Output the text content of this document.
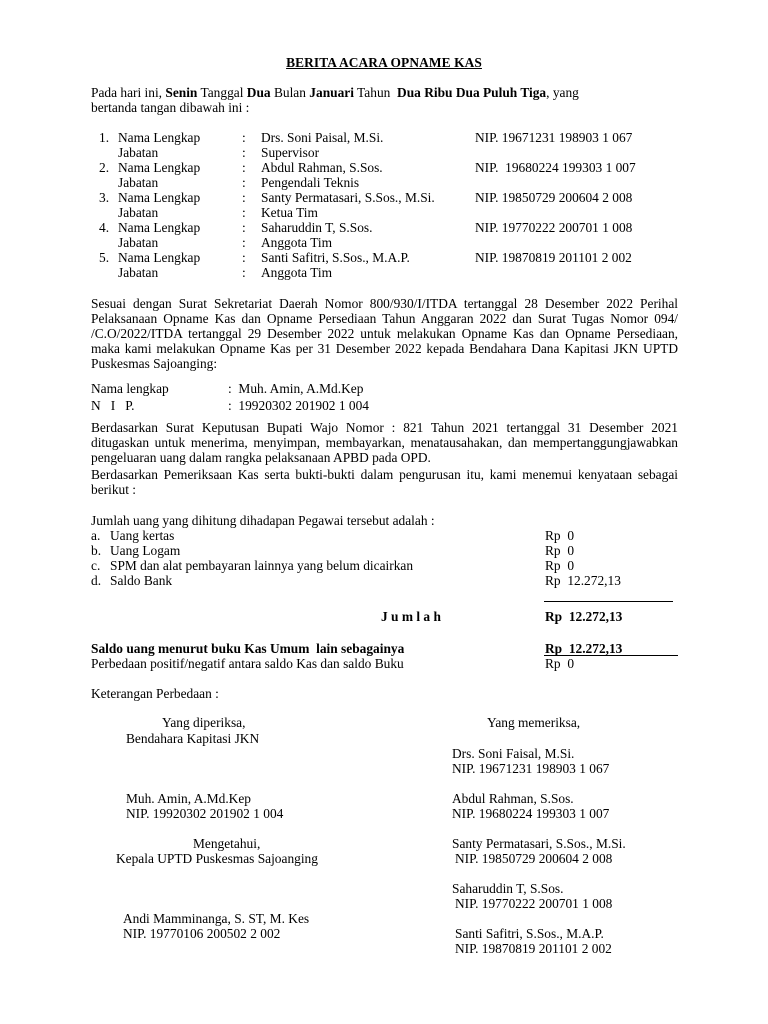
BERITA ACARA OPNAME KAS
Pada hari ini, Senin Tanggal Dua Bulan Januari Tahun  Dua Ribu Dua Puluh Tiga, yang
bertanda tangan dibawah ini :
1. Nama Lengkap	: Drs. Soni Paisal, M.Si.	NIP. 19671231 198903 1 067
Jabatan	: Supervisor
2. Nama Lengkap	: Abdul Rahman, S.Sos.	NIP.  19680224 199303 1 007
Jabatan	: Pengendali Teknis
3. Nama Lengkap	: Santy Permatasari, S.Sos., M.Si.	NIP. 19850729 200604 2 008
Jabatan	: Ketua Tim
4. Nama Lengkap	: Saharuddin T, S.Sos.	NIP. 19770222 200701 1 008
Jabatan	: Anggota Tim
5. Nama Lengkap	: Santi Safitri, S.Sos., M.A.P.	NIP. 19870819 201101 2 002
Jabatan	: Anggota Tim
Sesuai dengan Surat Sekretariat Daerah Nomor 800/930/I/ITDA tertanggal 28 Desember 2022 Perihal Pelaksanaan Opname Kas dan Opname Persediaan Tahun Anggaran 2022 dan Surat Tugas Nomor 094/ /C.O/2022/ITDA tertanggal 29 Desember 2022 untuk melakukan Opname Kas dan Opname Persediaan, maka kami melakukan Opname Kas per 31 Desember 2022 kepada Bendahara Dana Kapitasi JKN UPTD Puskesmas Sajoanging:
Nama lengkap	:  Muh. Amin, A.Md.Kep
N   I   P.	:  19920302 201902 1 004
Berdasarkan Surat Keputusan Bupati Wajo Nomor : 821 Tahun 2021 tertanggal 31 Desember 2021 ditugaskan untuk menerima, menyimpan, membayarkan, menatausahakan, dan mempertanggungjawabkan pengeluaran uang dalam rangka pelaksanaan APBD pada OPD.
Berdasarkan Pemeriksaan Kas serta bukti-bukti dalam pengurusan itu, kami menemui kenyataan sebagai berikut :
Jumlah uang yang dihitung dihadapan Pegawai tersebut adalah :
a. Uang kertas	Rp  0
b. Uang Logam	Rp  0
c. SPM dan alat pembayaran lainnya yang belum dicairkan	Rp  0
d. Saldo Bank	Rp  12.272,13
J u m l a h	Rp  12.272,13
Saldo uang menurut buku Kas Umum  lain sebagainya	Rp  12.272,13
Perbedaan positif/negatif antara saldo Kas dan saldo Buku	Rp  0
Keterangan Perbedaan :
Yang diperiksa,
Bendahara Kapitasi JKN
Muh. Amin, A.Md.Kep
NIP. 19920302 201902 1 004
Mengetahui,
Kepala UPTD Puskesmas Sajoanging
Andi Mamminanga, S. ST, M. Kes
NIP. 19770106 200502 2 002
Yang memeriksa,
Drs. Soni Faisal, M.Si.
NIP. 19671231 198903 1 067
Abdul Rahman, S.Sos.
NIP. 19680224 199303 1 007
Santy Permatasari, S.Sos., M.Si.
NIP. 19850729 200604 2 008
Saharuddin T, S.Sos.
NIP. 19770222 200701 1 008
Santi Safitri, S.Sos., M.A.P.
NIP. 19870819 201101 2 002
